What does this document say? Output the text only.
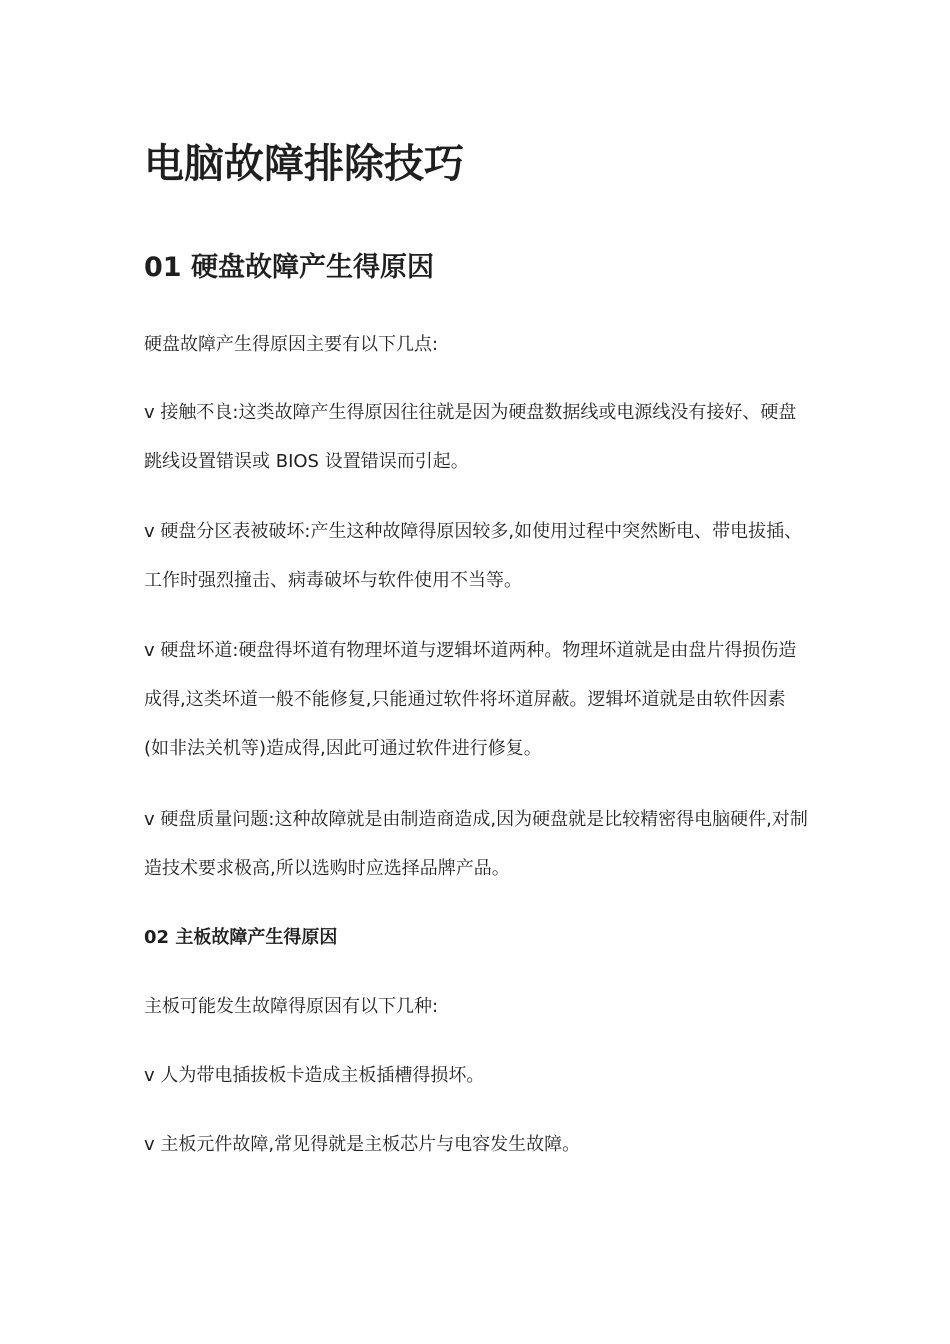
电脑故障排除技巧
01 硬盘故障产生得原因

硬盘故障产生得原因主要有以下几点:

v 接触不良:这类故障产生得原因往往就是因为硬盘数据线或电源线没有接好、硬盘跳线设置错误或 BIOS 设置错误而引起。

v 硬盘分区表被破坏:产生这种故障得原因较多,如使用过程中突然断电、带电拔插、工作时强烈撞击、病毒破坏与软件使用不当等。

v 硬盘坏道:硬盘得坏道有物理坏道与逻辑坏道两种。物理坏道就是由盘片得损伤造成得,这类坏道一般不能修复,只能通过软件将坏道屏蔽。逻辑坏道就是由软件因素(如非法关机等)造成得,因此可通过软件进行修复。

v 硬盘质量问题:这种故障就是由制造商造成,因为硬盘就是比较精密得电脑硬件,对制造技术要求极高,所以选购时应选择品牌产品。

02 主板故障产生得原因

主板可能发生故障得原因有以下几种:

v 人为带电插拔板卡造成主板插槽得损坏。

v 主板元件故障,常见得就是主板芯片与电容发生故障。
